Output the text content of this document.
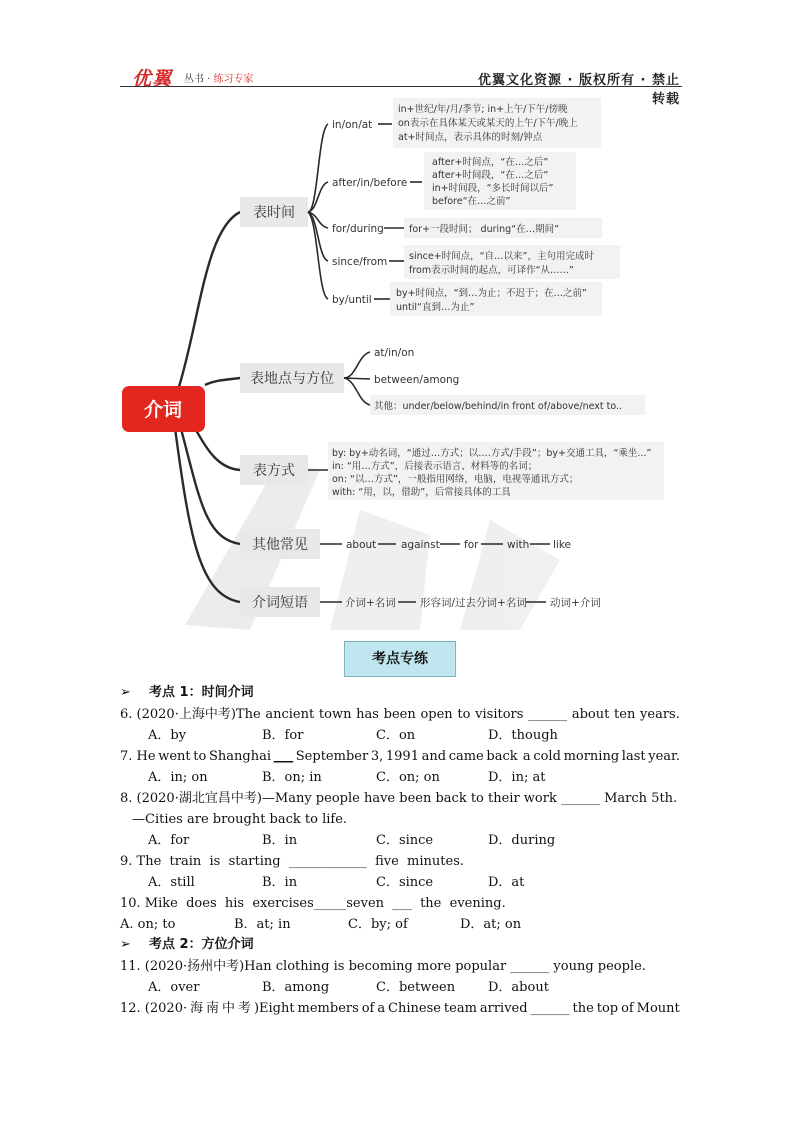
优翼 丛书 · 练习专家	优翼文化资源 · 版权所有 · 禁止转载
介词
表时间
表地点与方位
表方式
其他常见
介词短语
in/on/at
in+世纪/年/月/季节; in+上午/下午/傍晚
on表示在具体某天或某天的上午/下午/晚上
at+时间点，表示具体的时刻/钟点
after/in/before
after+时间点，“在…之后”
after+时间段，“在…之后”
in+时间段，“多长时间以后”
before“在…之前”
for/during	for+一段时间； during“在…期间”
since/from since+时间点，“自…以来”，主句用完成时
from表示时间的起点，可译作“从……”
by/until
by+时间点，“到…为止；不迟于；在…之前”
until“直到…为止”
at/in/on
between/among
其他：under/below/behind/in front of/above/next to..
by: by+动名词，“通过…方式；以….方式/手段”；by+交通工具，“乘坐...”
in: “用…方式”，后接表示语言、材料等的名词；
on: “以…方式”，一般指用网络，电脑，电视等通讯方式；
with: “用，以，借助”，后常接具体的工具
about against for	with like
介词+名词 形容词/过去分词+名词 动词+介词
考点专练
➢ 考点 1：时间介词
6. (2020·上海中考)The ancient town has been open to visitors ______ about ten years.
A．by	B．for	C．on	D．though
7. He went to Shanghai ___ September 3, 1991 and came back a cold morning last year.
A．in; on	B．on; in	C．on; on	D．in; at
8. (2020·湖北宜昌中考)—Many people have been back to their work ______ March 5th.
—Cities are brought back to life.
A．for	B．in	C．since	D．during
9. The  train  is  starting  ____________  five  minutes.
A．still	B．in	C．since	D．at
10. Mike  does  his  exercises_____seven  ___  the  evening.
A. on; to	B．at; in	C．by; of	D．at; on
➢ 考点 2：方位介词
11. (2020·扬州中考)Han clothing is becoming more popular ______ young people.
A．over	B．among	C．between	D．about
12. (2020· 海 南 中 考 )Eight members of a Chinese team arrived ______ the top of Mount
